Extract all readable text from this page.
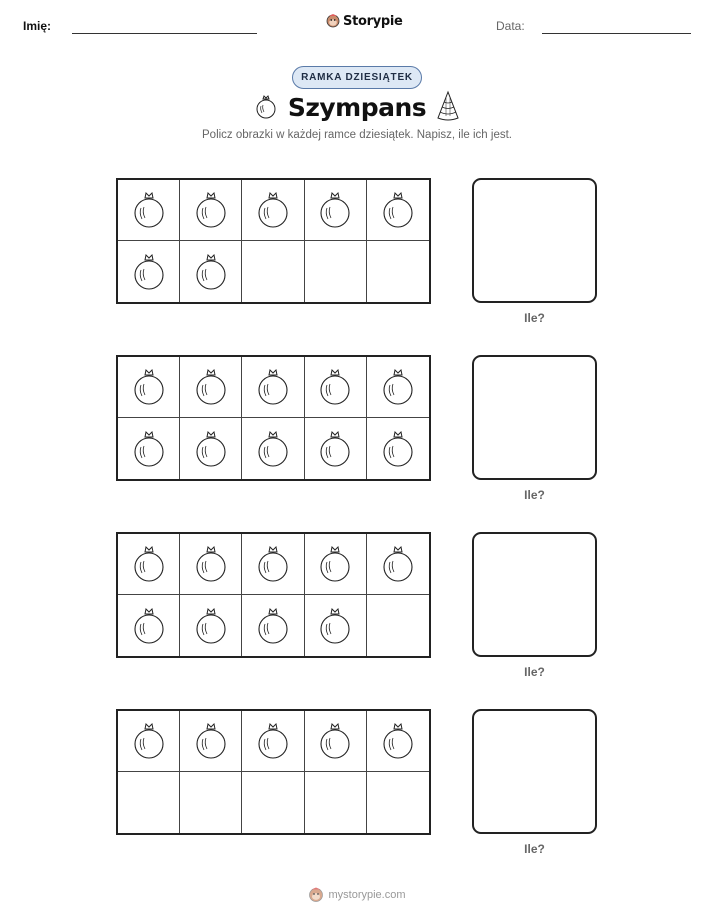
Imię:	Storypie	Data:
RAMKA DZIESIĄTEK
Szympans
Policz obrazki w każdej ramce dziesiątek. Napisz, ile ich jest.
Ile?
Ile?
Ile?
Ile?
mystorypie.com
